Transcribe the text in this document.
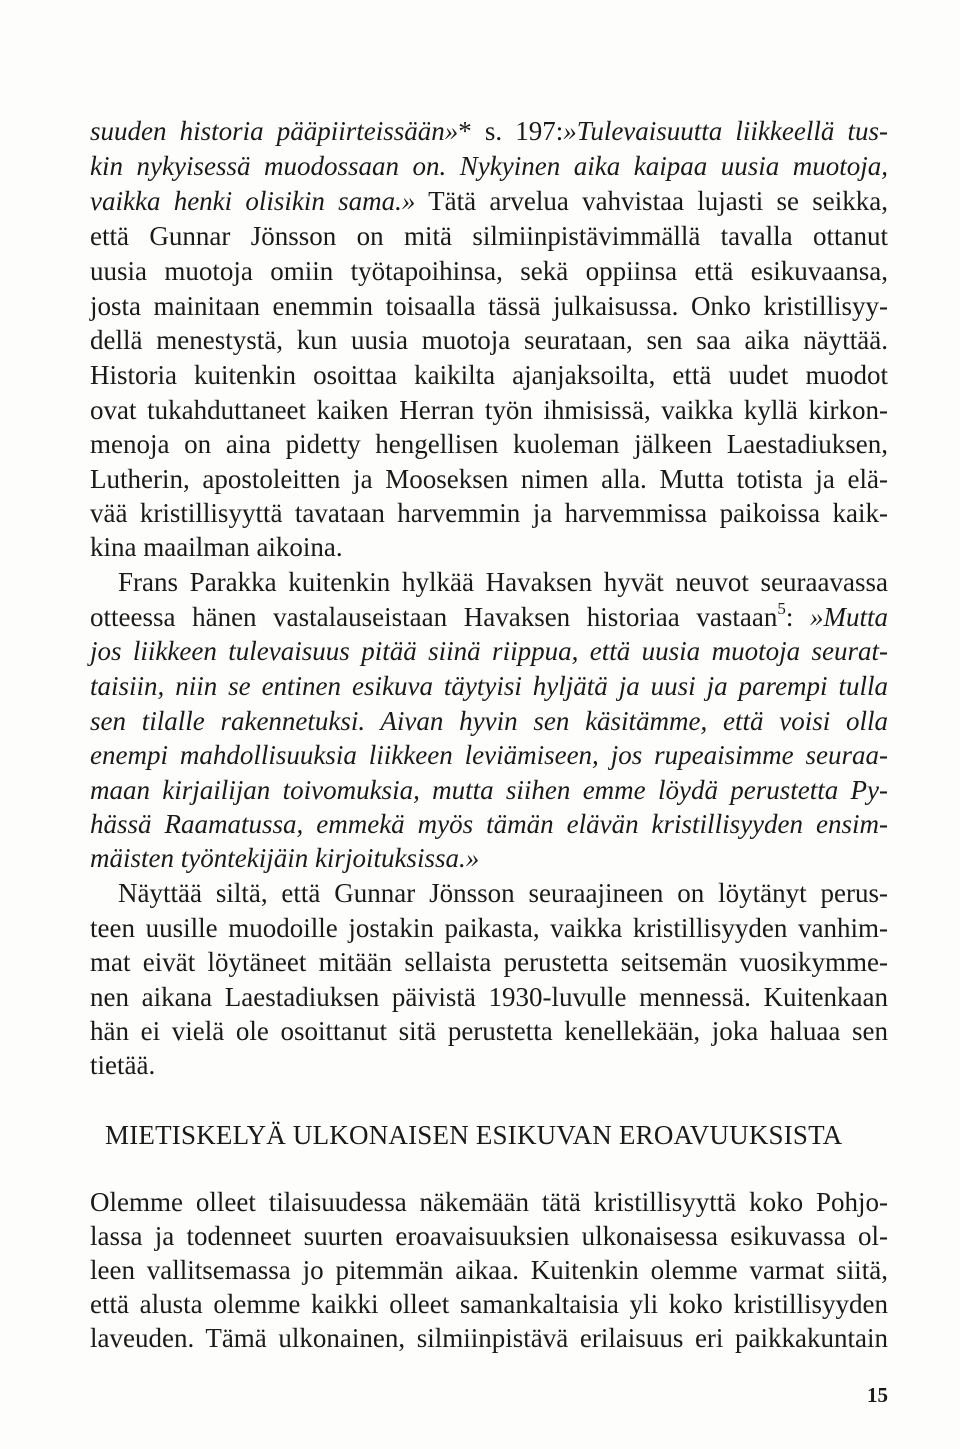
suuden historia pääpiirteissään»* s. 197:»Tulevaisuutta liikkeellä tus-
kin nykyisessä muodossaan on. Nykyinen aika kaipaa uusia muotoja,
vaikka henki olisikin sama.» Tätä arvelua vahvistaa lujasti se seikka,
että Gunnar Jönsson on mitä silmiinpistävimmällä tavalla ottanut
uusia muotoja omiin työtapoihinsa, sekä oppiinsa että esikuvaansa,
josta mainitaan enemmin toisaalla tässä julkaisussa. Onko kristillisyy-
dellä menestystä, kun uusia muotoja seurataan, sen saa aika näyttää.
Historia kuitenkin osoittaa kaikilta ajanjaksoilta, että uudet muodot
ovat tukahduttaneet kaiken Herran työn ihmisissä, vaikka kyllä kirkon-
menoja on aina pidetty hengellisen kuoleman jälkeen Laestadiuksen,
Lutherin, apostoleitten ja Mooseksen nimen alla. Mutta totista ja elä-
vää kristillisyyttä tavataan harvemmin ja harvemmissa paikoissa kaik-
kina maailman aikoina.
Frans Parakka kuitenkin hylkää Havaksen hyvät neuvot seuraavassa
otteessa hänen vastalauseistaan Havaksen historiaa vastaan$^5$: »Mutta
jos liikkeen tulevaisuus pitää siinä riippua, että uusia muotoja seurat-
taisiin, niin se entinen esikuva täytyisi hyljätä ja uusi ja parempi tulla
sen tilalle rakennetuksi. Aivan hyvin sen käsitämme, että voisi olla
enempi mahdollisuuksia liikkeen leviämiseen, jos rupeaisimme seuraa-
maan kirjailijan toivomuksia, mutta siihen emme löydä perustetta Py-
hässä Raamatussa, emmekä myös tämän elävän kristillisyyden ensim-
mäisten työntekijäin kirjoituksissa.»
Näyttää siltä, että Gunnar Jönsson seuraajineen on löytänyt perus-
teen uusille muodoille jostakin paikasta, vaikka kristillisyyden vanhim-
mat eivät löytäneet mitään sellaista perustetta seitsemän vuosikymme-
nen aikana Laestadiuksen päivistä 1930-luvulle mennessä. Kuitenkaan
hän ei vielä ole osoittanut sitä perustetta kenellekään, joka haluaa sen
tietää.
MIETISKELYÄ ULKONAISEN ESIKUVAN EROAVUUKSISTA
Olemme olleet tilaisuudessa näkemään tätä kristillisyyttä koko Pohjo-
lassa ja todenneet suurten eroavaisuuksien ulkonaisessa esikuvassa ol-
leen vallitsemassa jo pitemmän aikaa. Kuitenkin olemme varmat siitä,
että alusta olemme kaikki olleet samankaltaisia yli koko kristillisyyden
laveuden. Tämä ulkonainen, silmiinpistävä erilaisuus eri paikkakuntain
15
